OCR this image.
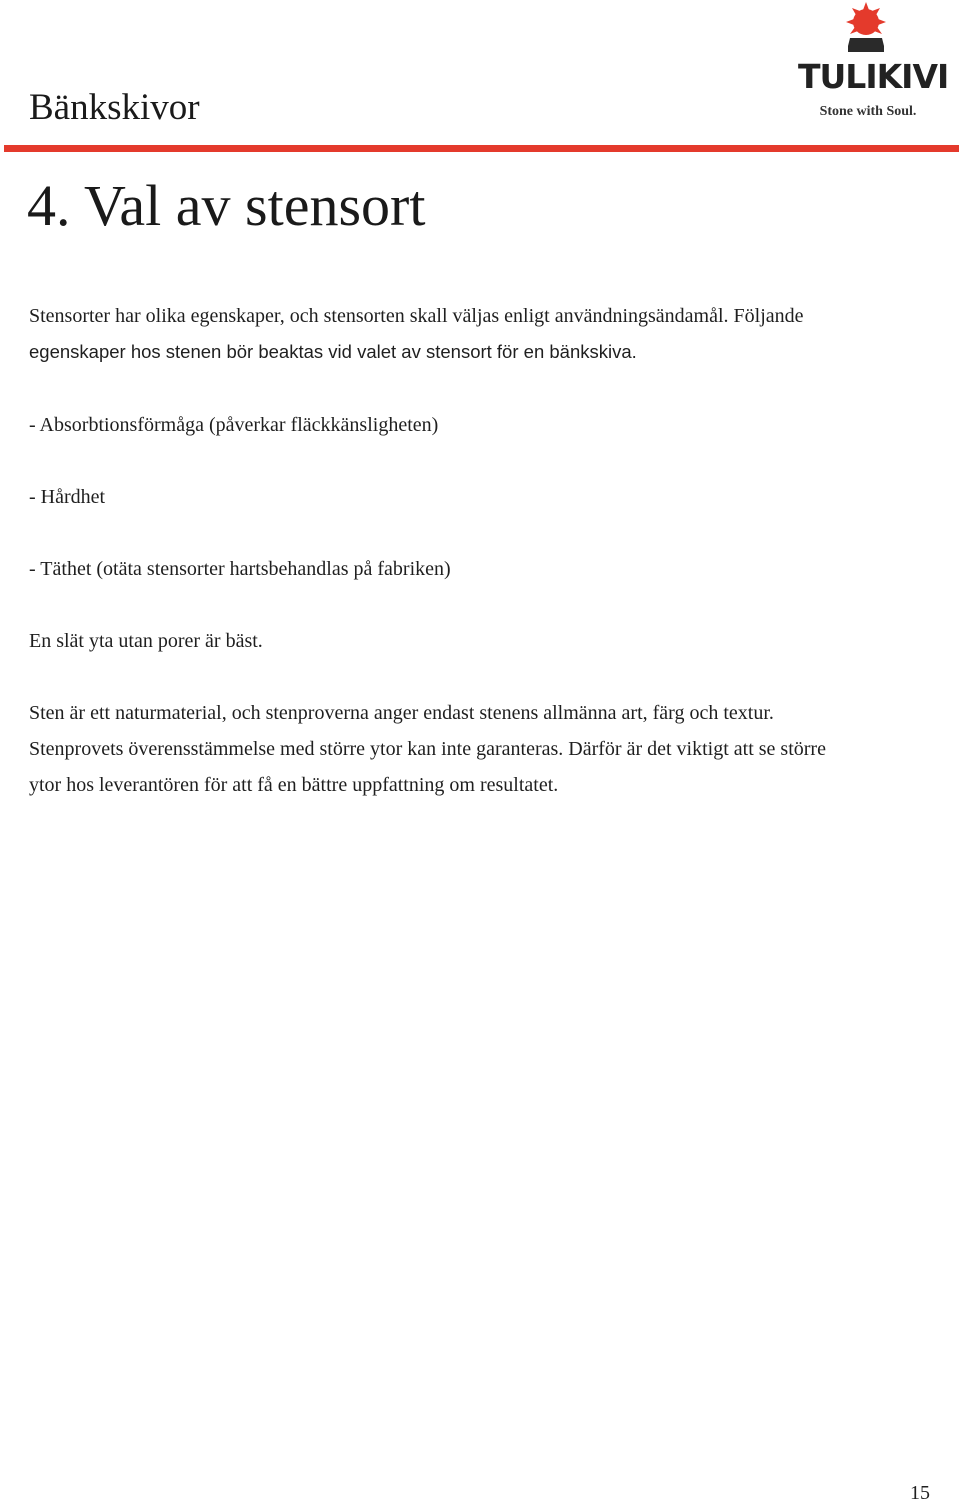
Bänkskivor
TULIKIVI
Stone with Soul.
4. Val av stensort

Stensorter har olika egenskaper, och stensorten skall väljas enligt användningsändamål. Följande

egenskaper hos stenen bör beaktas vid valet av stensort för en bänkskiva.

- Absorbtionsförmåga (påverkar fläckkänsligheten)

- Hårdhet

- Täthet (otäta stensorter hartsbehandlas på fabriken)

En slät yta utan porer är bäst.

Sten är ett naturmaterial, och stenproverna anger endast stenens allmänna art, färg och textur.

Stenprovets överensstämmelse med större ytor kan inte garanteras. Därför är det viktigt att se större

ytor hos leverantören för att få en bättre uppfattning om resultatet.

15
